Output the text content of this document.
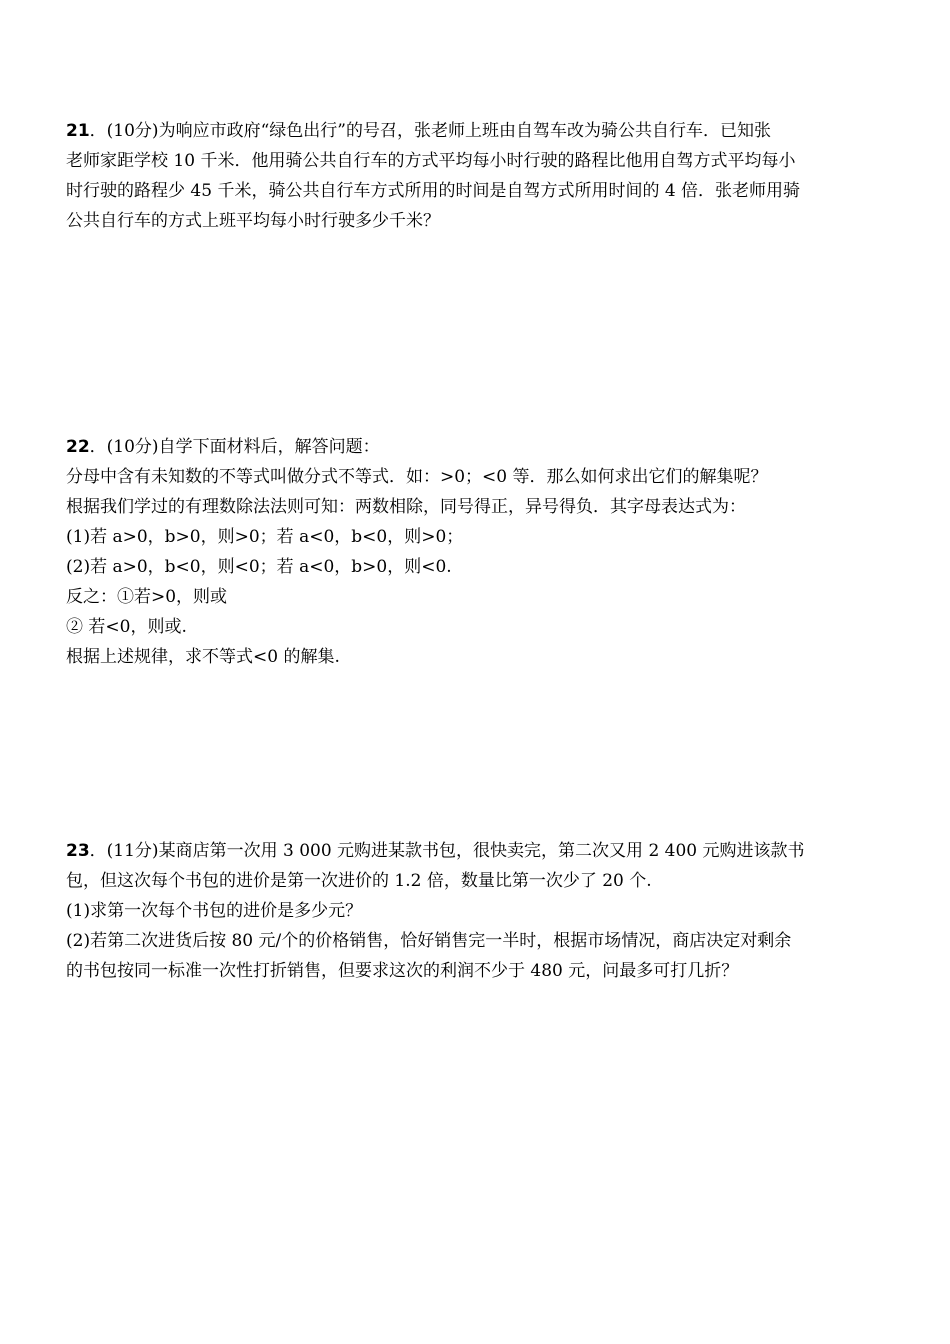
21．(10分)为响应市政府“绿色出行”的号召，张老师上班由自驾车改为骑公共自行车．已知张

老师家距学校 10 千米．他用骑公共自行车的方式平均每小时行驶的路程比他用自驾方式平均每小

时行驶的路程少 45 千米，骑公共自行车方式所用的时间是自驾方式所用时间的 4 倍．张老师用骑

公共自行车的方式上班平均每小时行驶多少千米？

22．(10分)自学下面材料后，解答问题：

分母中含有未知数的不等式叫做分式不等式．如：>0；<0 等．那么如何求出它们的解集呢？

根据我们学过的有理数除法法则可知：两数相除，同号得正，异号得负．其字母表达式为：

(1)若 a>0，b>0，则>0；若 a<0，b<0，则>0；

(2)若 a>0，b<0，则<0；若 a<0，b>0，则<0.

反之：①若>0，则或

② 若<0，则或.

根据上述规律，求不等式<0 的解集.

23．(11分)某商店第一次用 3 000 元购进某款书包，很快卖完，第二次又用 2 400 元购进该款书

包，但这次每个书包的进价是第一次进价的 1.2 倍，数量比第一次少了 20 个.

(1)求第一次每个书包的进价是多少元？

(2)若第二次进货后按 80 元/个的价格销售，恰好销售完一半时，根据市场情况，商店决定对剩余

的书包按同一标准一次性打折销售，但要求这次的利润不少于 480 元，问最多可打几折？
